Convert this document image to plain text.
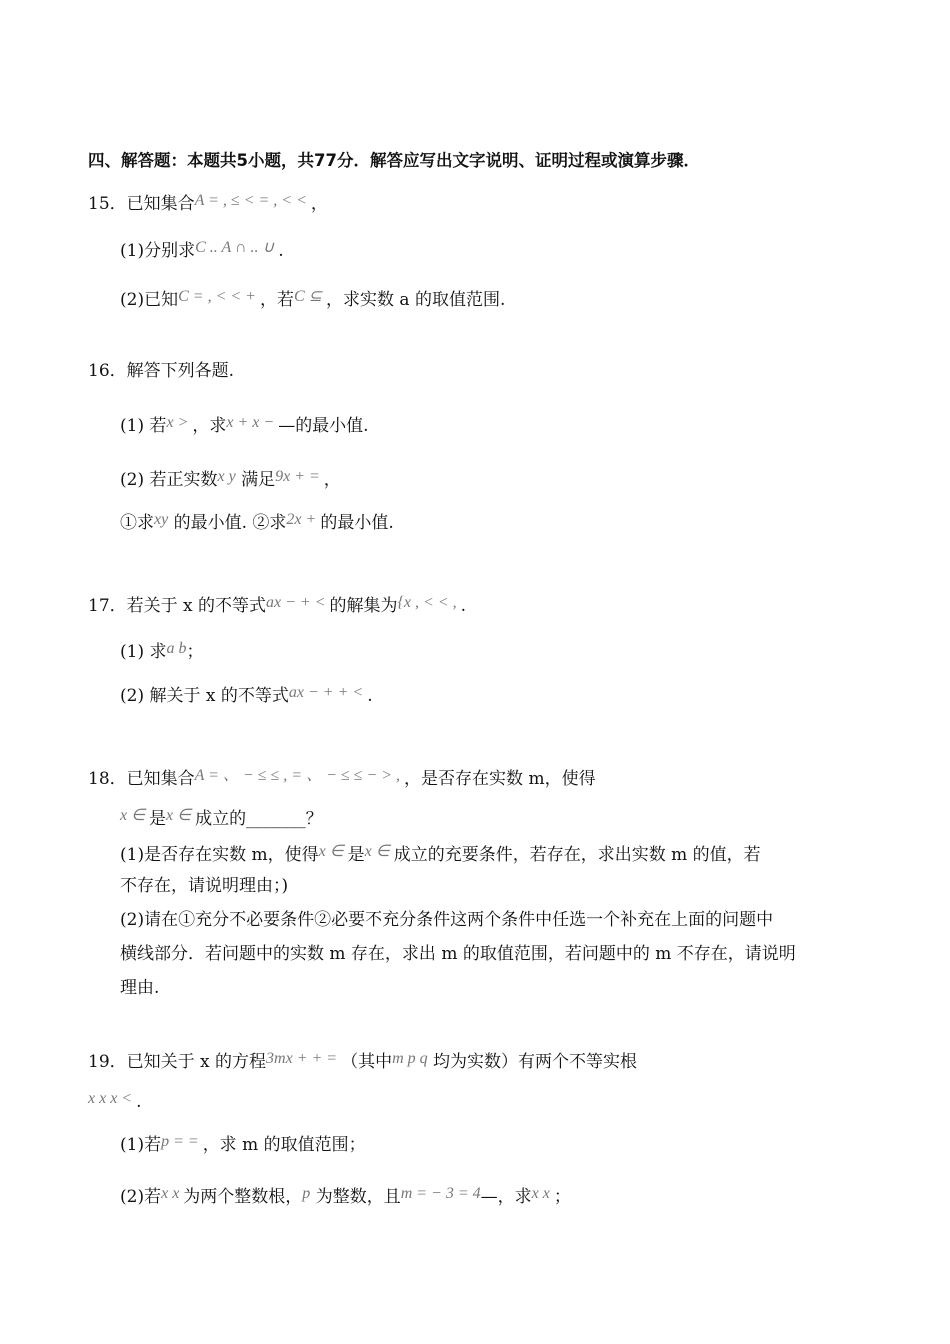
四、解答题：本题共5小题，共77分．解答应写出文字说明、证明过程或演算步骤．
15．已知集合A = , ≤ < = , < < ，
(1)分别求C .. A ∩ .. ∪ .
(2)已知C = , < < + ，若C ⊆ ，求实数 a 的取值范围.
16．解答下列各题.
(1) 若x > ，求x + x − —的最小值.
(2) 若正实数x y 满足9x + = ，
①求xy 的最小值. ②求2x + 的最小值.
17．若关于 x 的不等式ax − + < 的解集为{x , < < , .
(1) 求a b；
(2) 解关于 x 的不等式ax − + + < .
18．已知集合A = 、 − ≤ ≤ , = 、 − ≤ ≤ − > , ，是否存在实数 m，使得
x ∈ 是x ∈ 成立的_______？
(1)是否存在实数 m，使得x ∈ 是x ∈ 成立的充要条件，若存在，求出实数 m 的值，若
不存在，请说明理由；)
(2)请在①充分不必要条件②必要不充分条件这两个条件中任选一个补充在上面的问题中
横线部分．若问题中的实数 m 存在，求出 m 的取值范围，若问题中的 m 不存在，请说明
理由.
19．已知关于 x 的方程3mx + + = （其中m p q 均为实数）有两个不等实根
x x x < .
(1)若p = = ，求 m 的取值范围；
(2)若x x 为两个整数根，p 为整数，且m = − 3 = 4—，求x x ；
